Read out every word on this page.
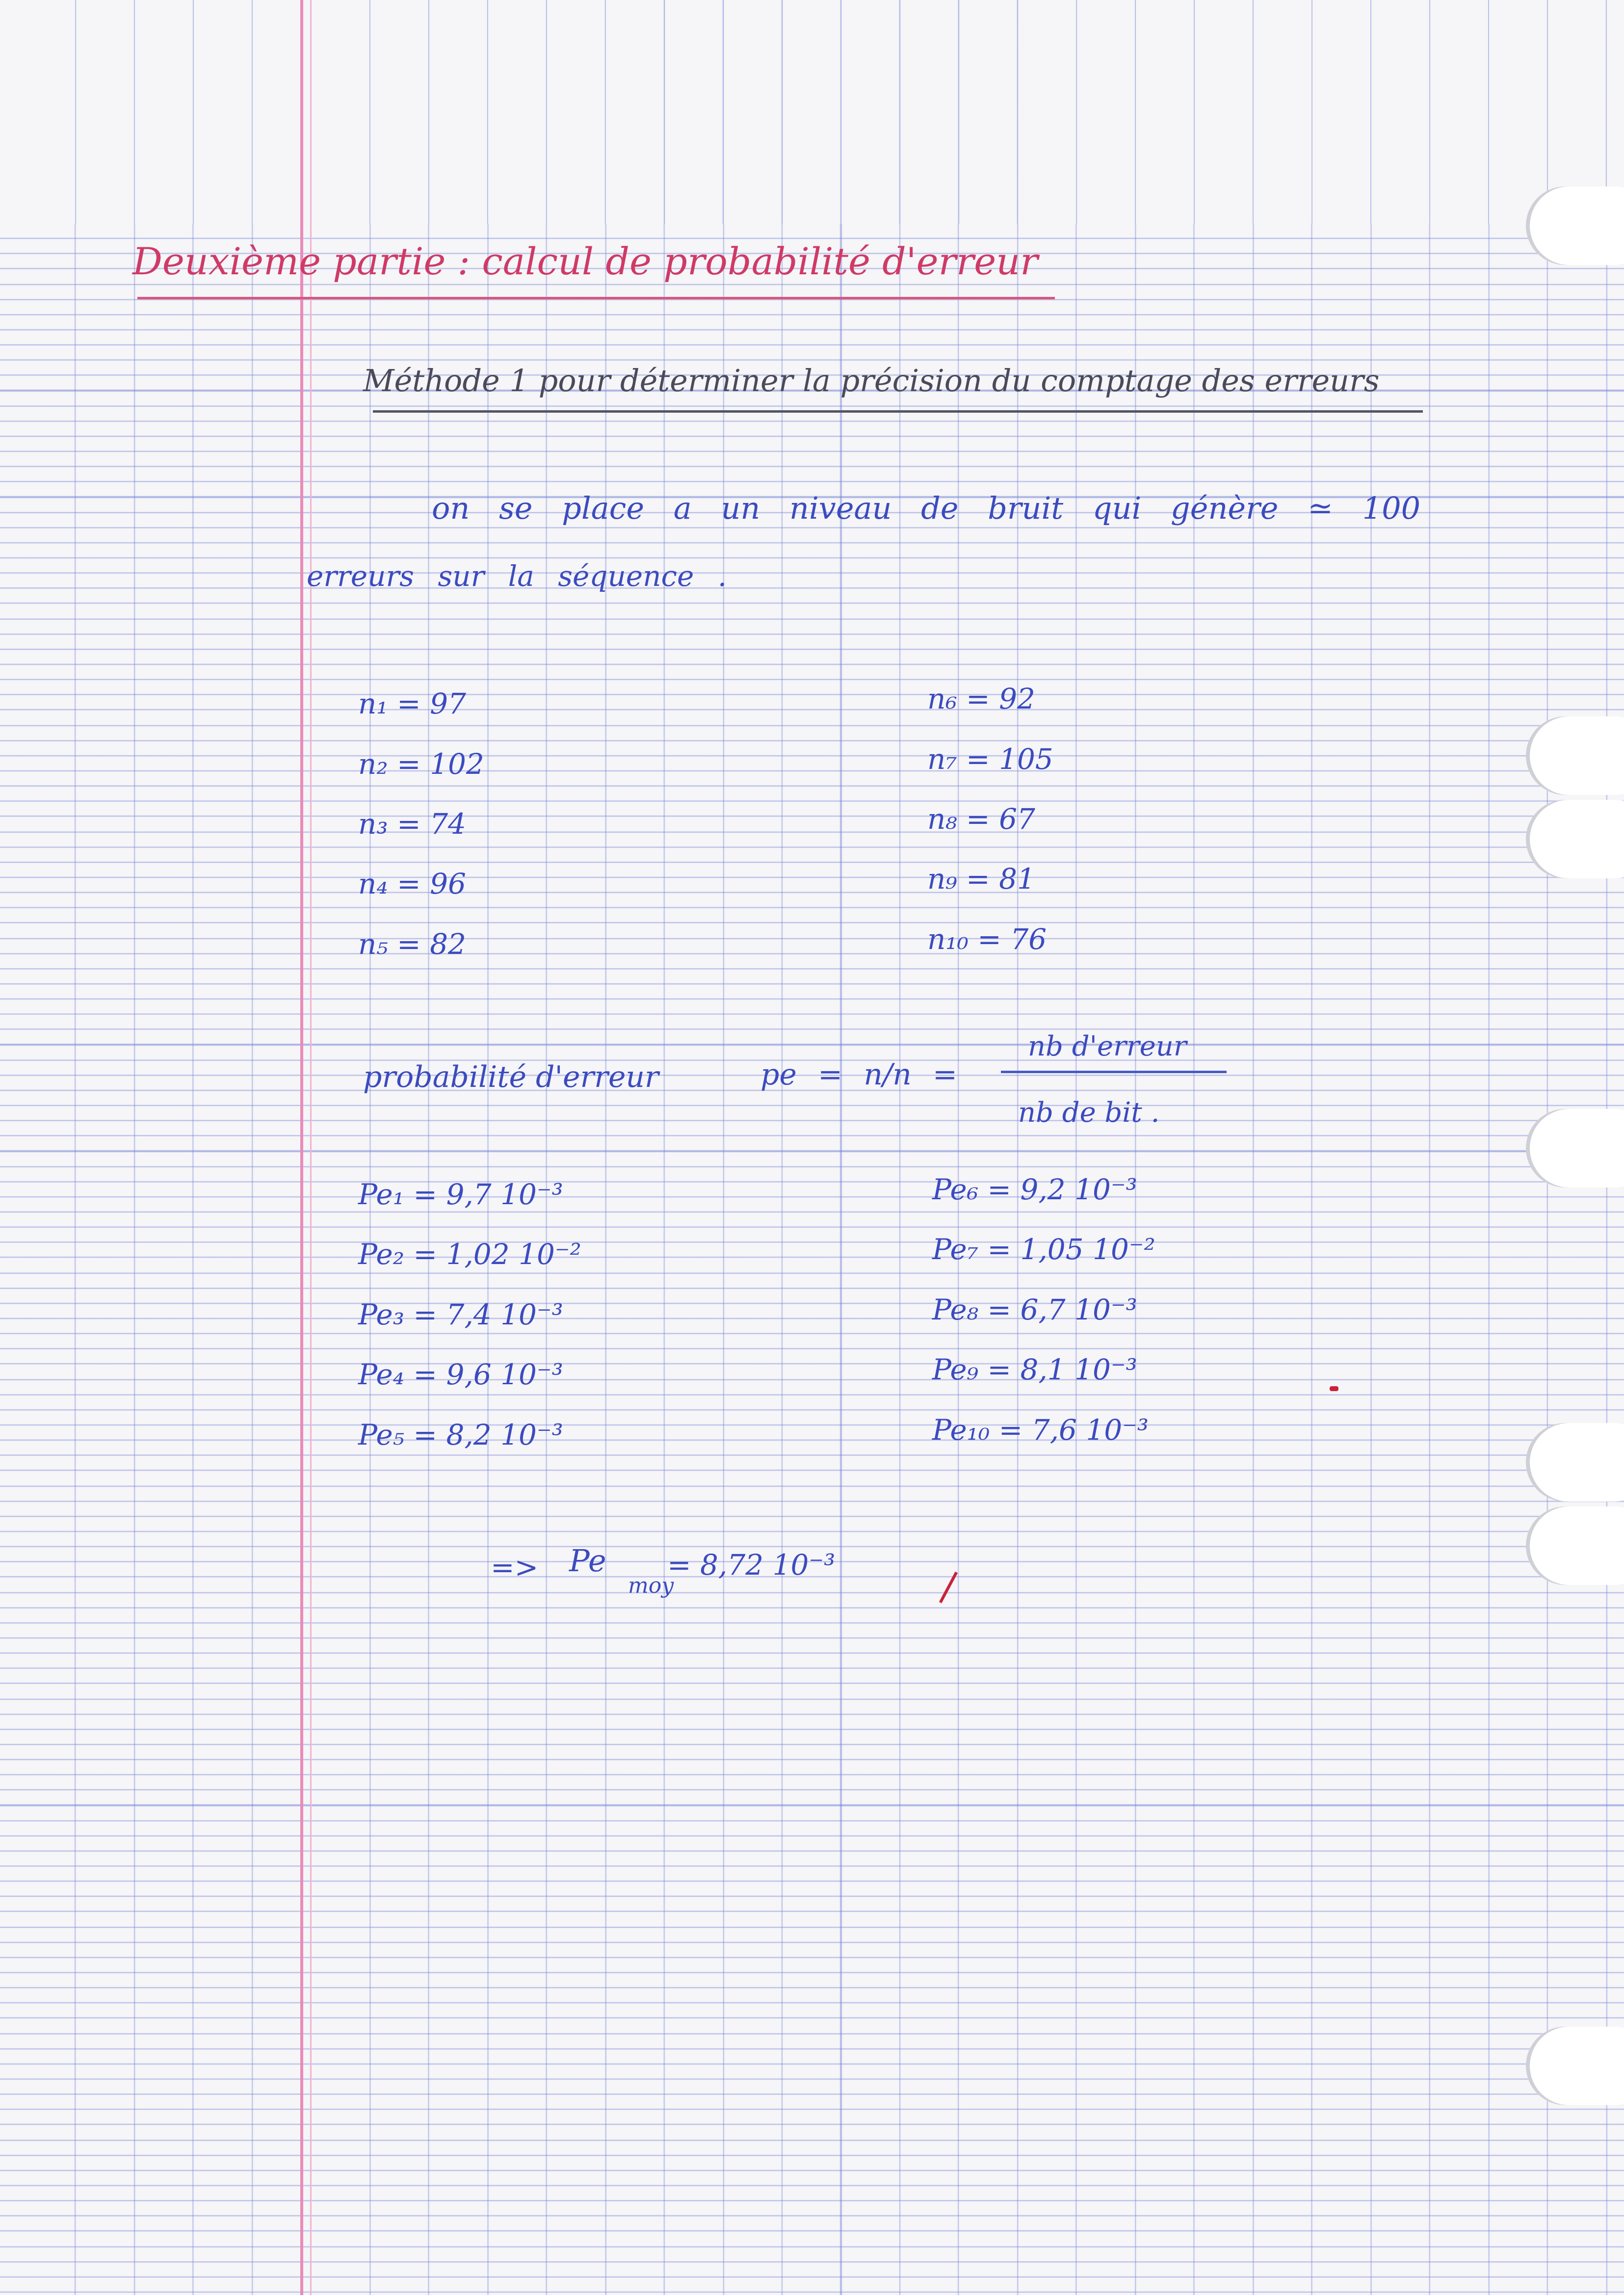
Deuxième partie : calcul de probabilité d'erreur
Méthode 1 pour déterminer la précision du comptage des erreurs
on se place a un niveau de bruit qui génère ≃ 100
erreurs sur la séquence .
n₁ = 97
n₂ = 102
n₃ = 74
n₄ = 96
n₅ = 82
n₆ = 92
n₇ = 105
n₈ = 67
n₉ = 81
n₁₀ = 76
probabilité d'erreur	pe = n/n =
nb d'erreur
nb de bit .
Pe₁ = 9,7 10⁻³
Pe₂ = 1,02 10⁻²
Pe₃ = 7,4 10⁻³
Pe₄ = 9,6 10⁻³
Pe₅ = 8,2 10⁻³
Pe₆ = 9,2 10⁻³
Pe₇ = 1,05 10⁻²
Pe₈ = 6,7 10⁻³
Pe₉ = 8,1 10⁻³
Pe₁₀ = 7,6 10⁻³
=> Pe
moy
= 8,72 10⁻³
